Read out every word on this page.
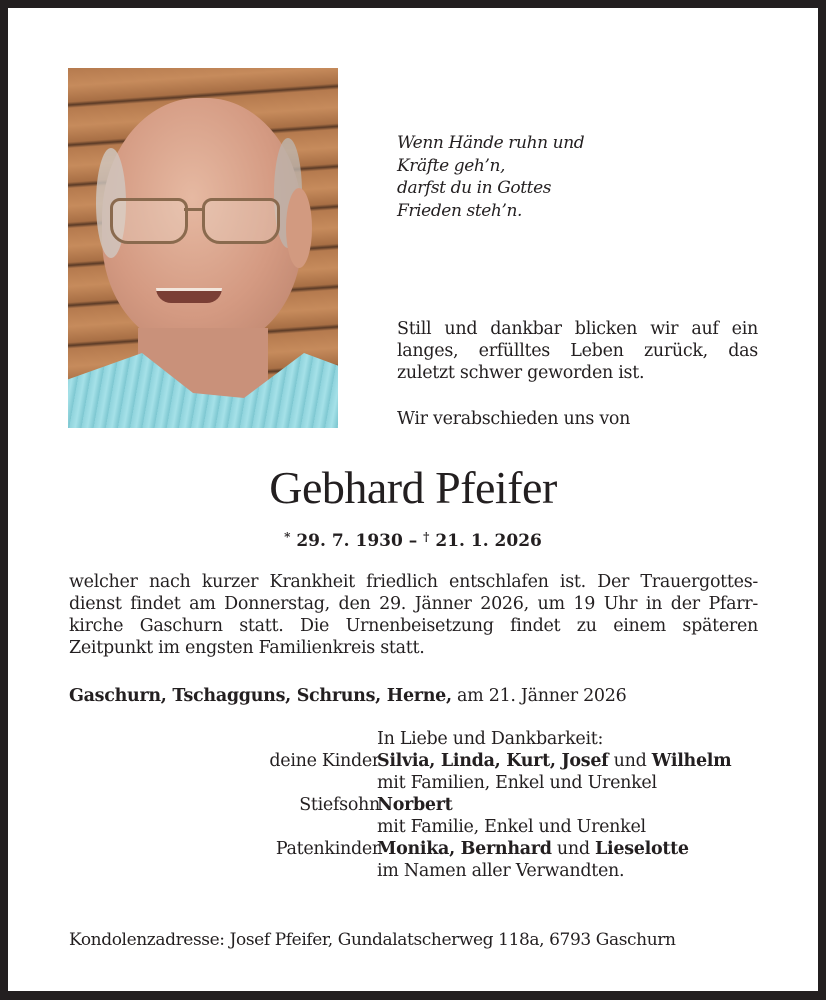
Wenn Hände ruhn und
Kräfte geh’n,
darfst du in Gottes
Frieden steh’n.
Still und dankbar blicken wir auf ein langes, erfülltes Leben zurück, das zuletzt schwer geworden ist.
Wir verabschieden uns von
Gebhard Pfeifer
* 29. 7. 1930 – † 21. 1. 2026
welcher nach kurzer Krankheit friedlich entschlafen ist. Der Trauergottes-
dienst findet am Donnerstag, den 29. Jänner 2026, um 19 Uhr in der Pfarr-
kirche Gaschurn statt. Die Urnenbeisetzung findet zu einem späteren
Zeitpunkt im engsten Familienkreis statt.
Gaschurn, Tschagguns, Schruns, Herne, am 21. Jänner 2026
In Liebe und Dankbarkeit:
deine Kinder
Silvia, Linda, Kurt, Josef und Wilhelm
mit Familien, Enkel und Urenkel
Stiefsohn
Norbert
mit Familie, Enkel und Urenkel
Patenkinder
Monika, Bernhard und Lieselotte
im Namen aller Verwandten.
Kondolenzadresse: Josef Pfeifer, Gundalatscherweg 118a, 6793 Gaschurn
